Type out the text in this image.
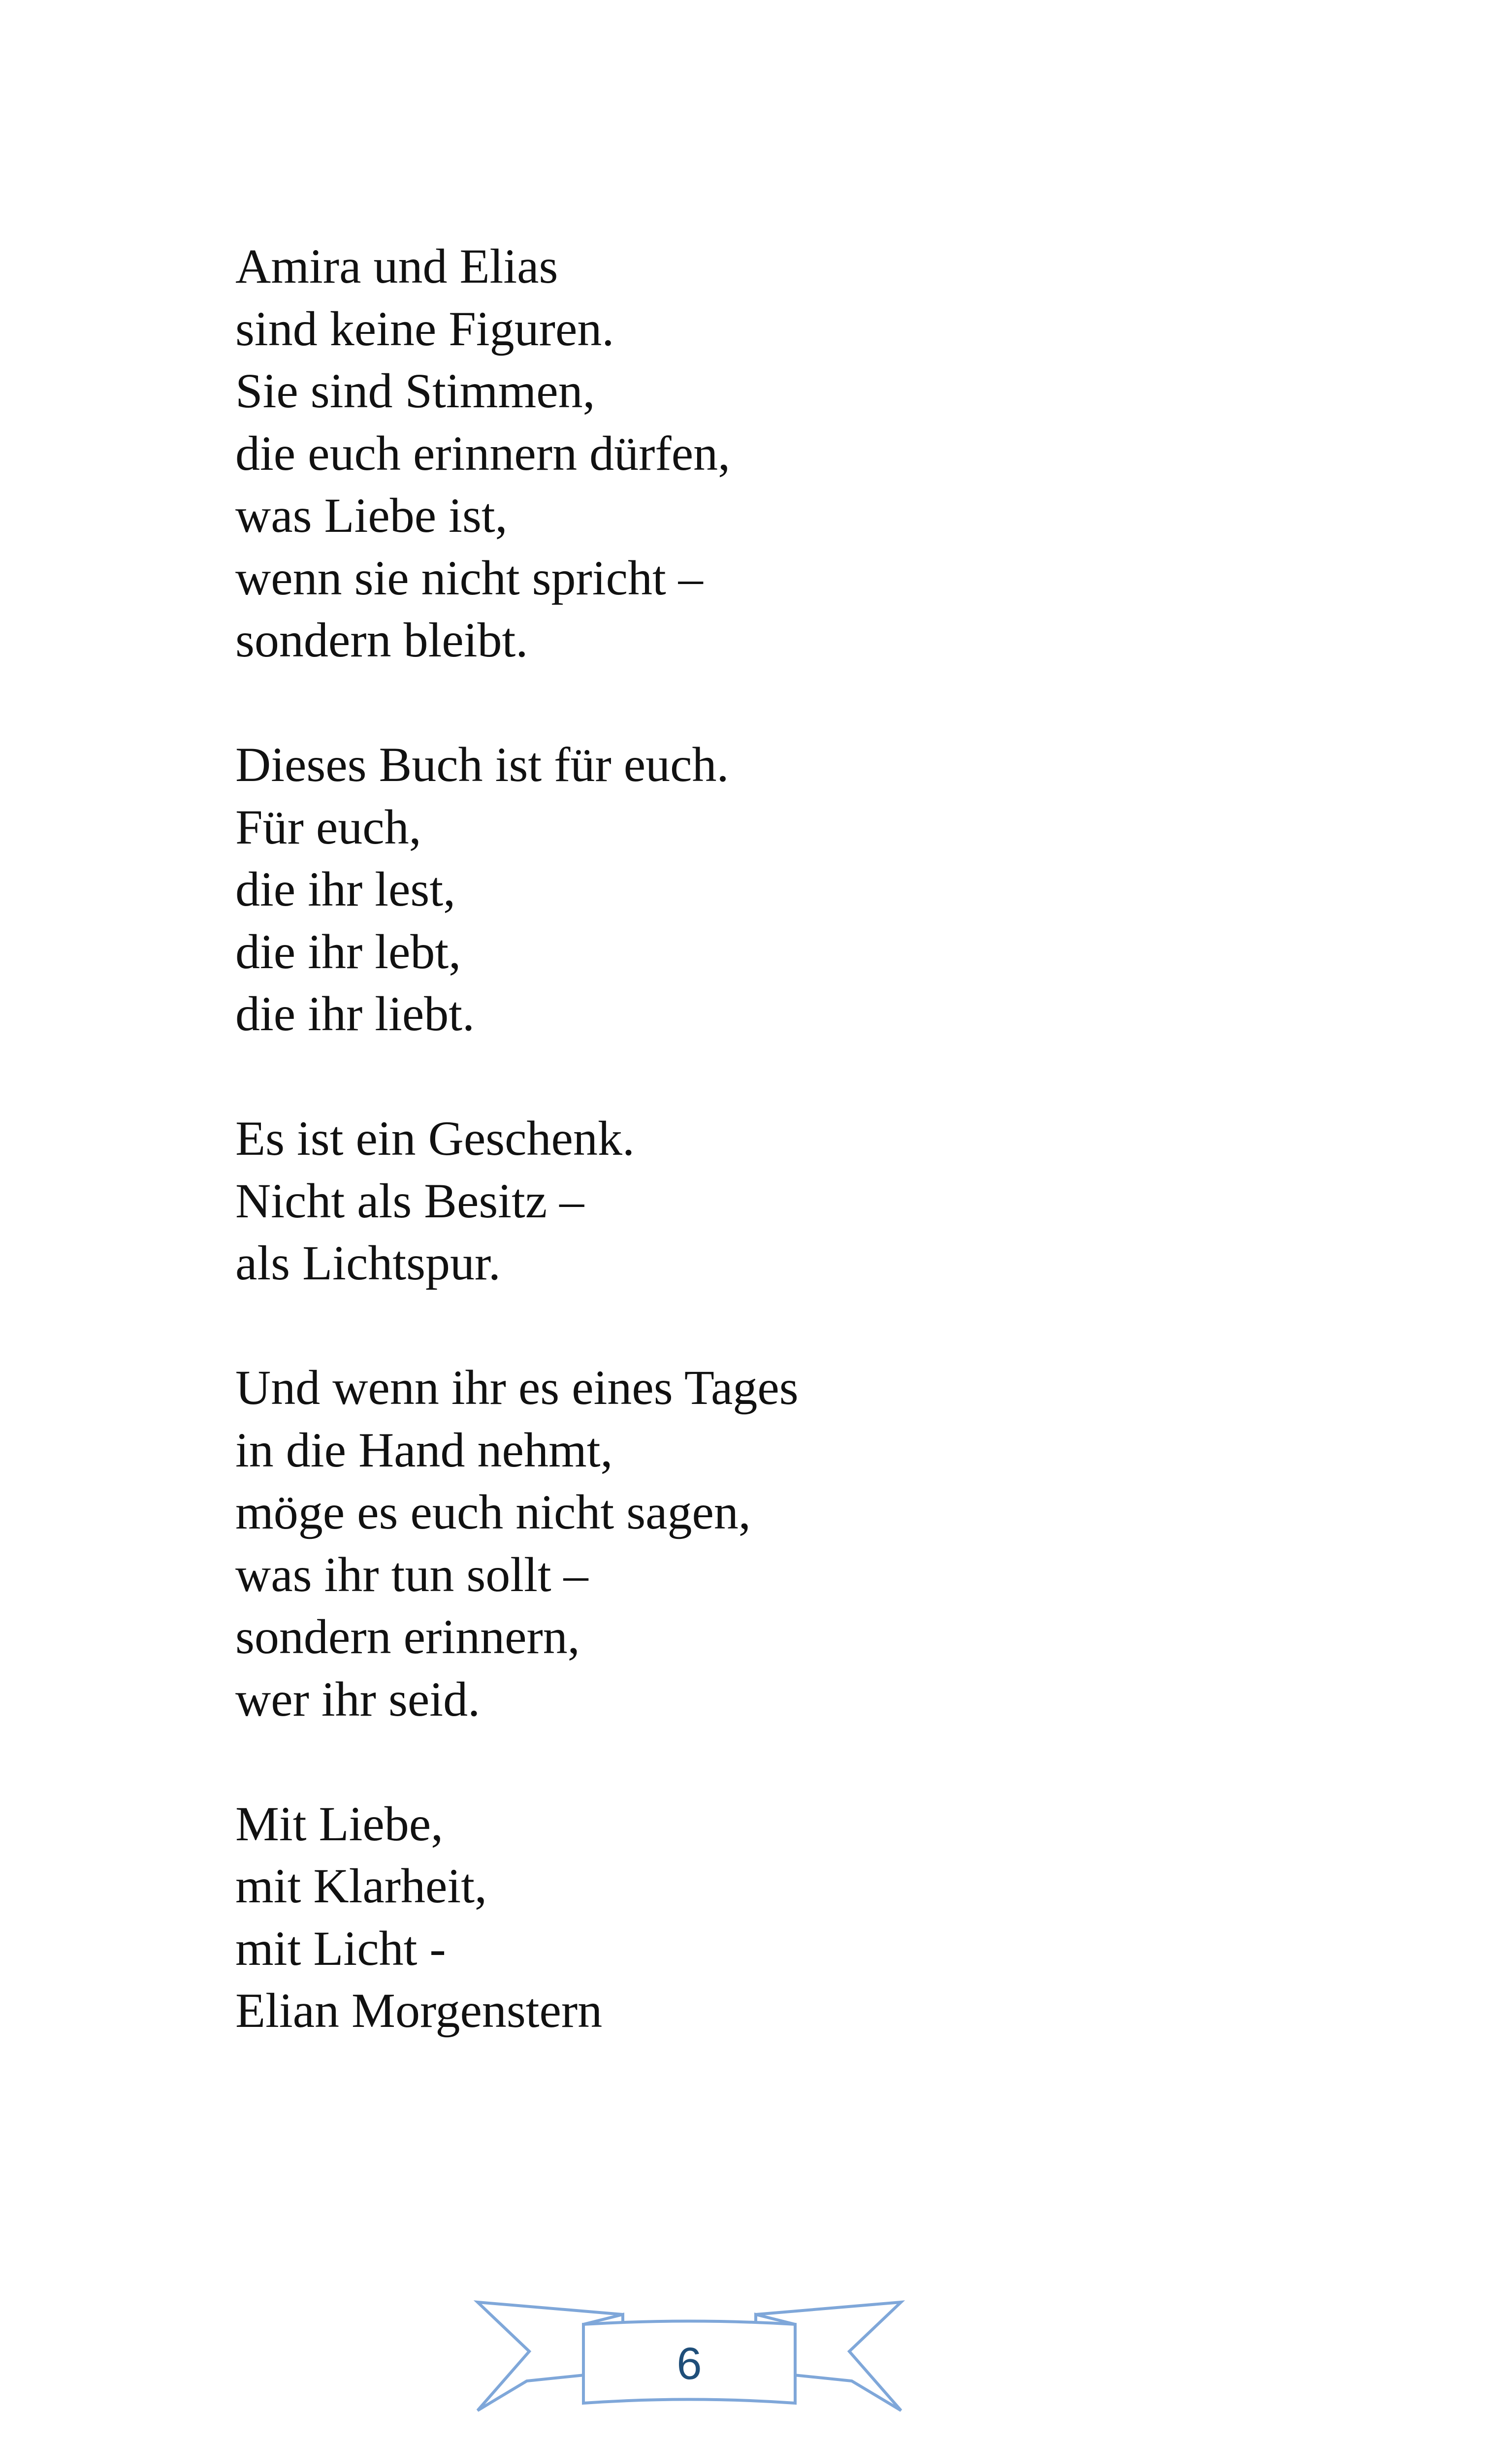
Amira und Elias
sind keine Figuren.
Sie sind Stimmen,
die euch erinnern dürfen,
was Liebe ist,
wenn sie nicht spricht –
sondern bleibt.
Dieses Buch ist für euch.
Für euch,
die ihr lest,
die ihr lebt,
die ihr liebt.
Es ist ein Geschenk.
Nicht als Besitz –
als Lichtspur.
Und wenn ihr es eines Tages
in die Hand nehmt,
möge es euch nicht sagen,
was ihr tun sollt –
sondern erinnern,
wer ihr seid.
Mit Liebe,
mit Klarheit,
mit Licht -
Elian Morgenstern
6
